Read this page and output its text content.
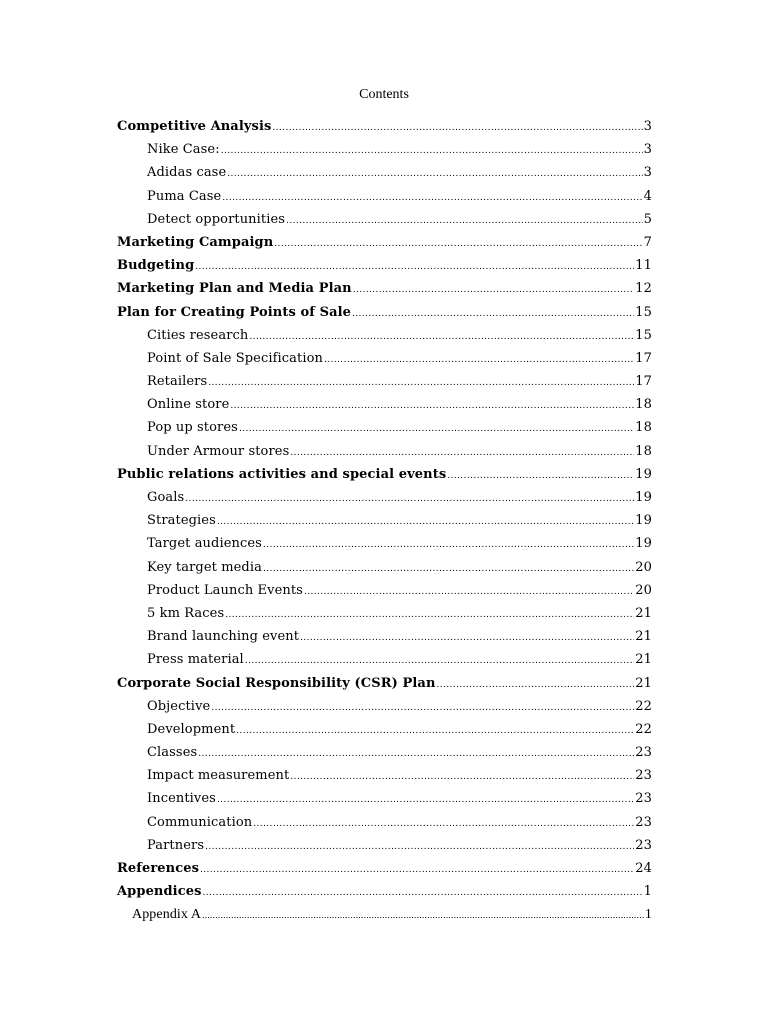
Contents
Competitive Analysis .....	3
Nike Case: .....	3
Adidas case .....	3
Puma Case .....	4
Detect opportunities .....	5
Marketing Campaign .....	7
Budgeting .....	11
Marketing Plan and Media Plan .....	12
Plan for Creating Points of Sale .....	15
Cities research .....	15
Point of Sale Specification .....	17
Retailers .....	17
Online store .....	18
Pop up stores .....	18
Under Armour stores .....	18
Public relations activities and special events .....	19
Goals .....	19
Strategies .....	19
Target audiences .....	19
Key target media .....	20
Product Launch Events .....	20
5 km Races .....	21
Brand launching event .....	21
Press material .....	21
Corporate Social Responsibility (CSR) Plan .....	21
Objective .....	22
Development .....	22
Classes .....	23
Impact measurement .....	23
Incentives .....	23
Communication .....	23
Partners .....	23
References .....	24
Appendices .....	1
Appendix A .....	1
